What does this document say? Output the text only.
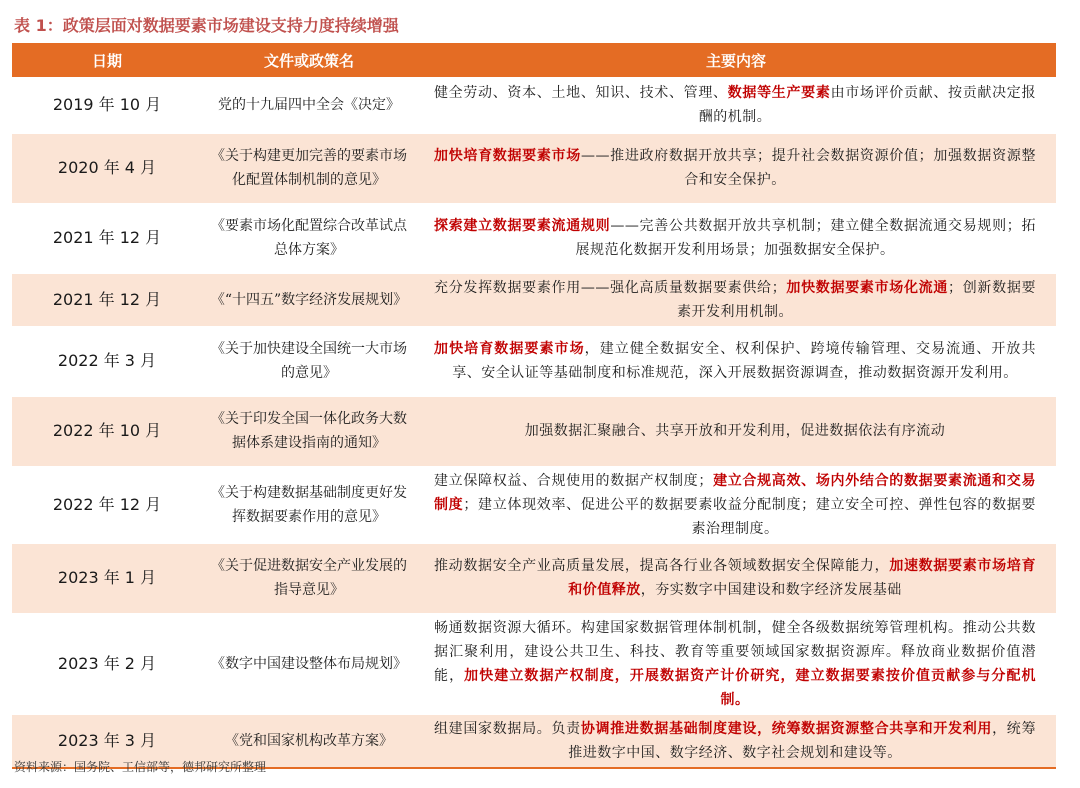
表 1：政策层面对数据要素市场建设支持力度持续增强
日期	文件或政策名	主要内容
2019 年 10 月	党的十九届四中全会《决定》	健全劳动、资本、土地、知识、技术、管理、数据等生产要素由市场评价贡献、按贡献决定报酬的机制。
2020 年 4 月	《关于构建更加完善的要素市场化配置体制机制的意见》	加快培育数据要素市场——推进政府数据开放共享；提升社会数据资源价值；加强数据资源整合和安全保护。
2021 年 12 月	《要素市场化配置综合改革试点总体方案》	探索建立数据要素流通规则——完善公共数据开放共享机制；建立健全数据流通交易规则；拓展规范化数据开发利用场景；加强数据安全保护。
2021 年 12 月	《“十四五”数字经济发展规划》	充分发挥数据要素作用——强化高质量数据要素供给；加快数据要素市场化流通；创新数据要素开发利用机制。
2022 年 3 月	《关于加快建设全国统一大市场的意见》	加快培育数据要素市场，建立健全数据安全、权利保护、跨境传输管理、交易流通、开放共享、安全认证等基础制度和标准规范，深入开展数据资源调查，推动数据资源开发利用。
2022 年 10 月	《关于印发全国一体化政务大数据体系建设指南的通知》	加强数据汇聚融合、共享开放和开发利用，促进数据依法有序流动
2022 年 12 月	《关于构建数据基础制度更好发挥数据要素作用的意见》	建立保障权益、合规使用的数据产权制度；建立合规高效、场内外结合的数据要素流通和交易制度；建立体现效率、促进公平的数据要素收益分配制度；建立安全可控、弹性包容的数据要素治理制度。
2023 年 1 月	《关于促进数据安全产业发展的指导意见》	推动数据安全产业高质量发展，提高各行业各领域数据安全保障能力，加速数据要素市场培育和价值释放，夯实数字中国建设和数字经济发展基础
2023 年 2 月	《数字中国建设整体布局规划》	畅通数据资源大循环。构建国家数据管理体制机制，健全各级数据统筹管理机构。推动公共数据汇聚利用，建设公共卫生、科技、教育等重要领域国家数据资源库。释放商业数据价值潜能，加快建立数据产权制度，开展数据资产计价研究，建立数据要素按价值贡献参与分配机制。
2023 年 3 月	《党和国家机构改革方案》	组建国家数据局。负责协调推进数据基础制度建设，统筹数据资源整合共享和开发利用，统筹推进数字中国、数字经济、数字社会规划和建设等。
资料来源：国务院、工信部等，德邦研究所整理
